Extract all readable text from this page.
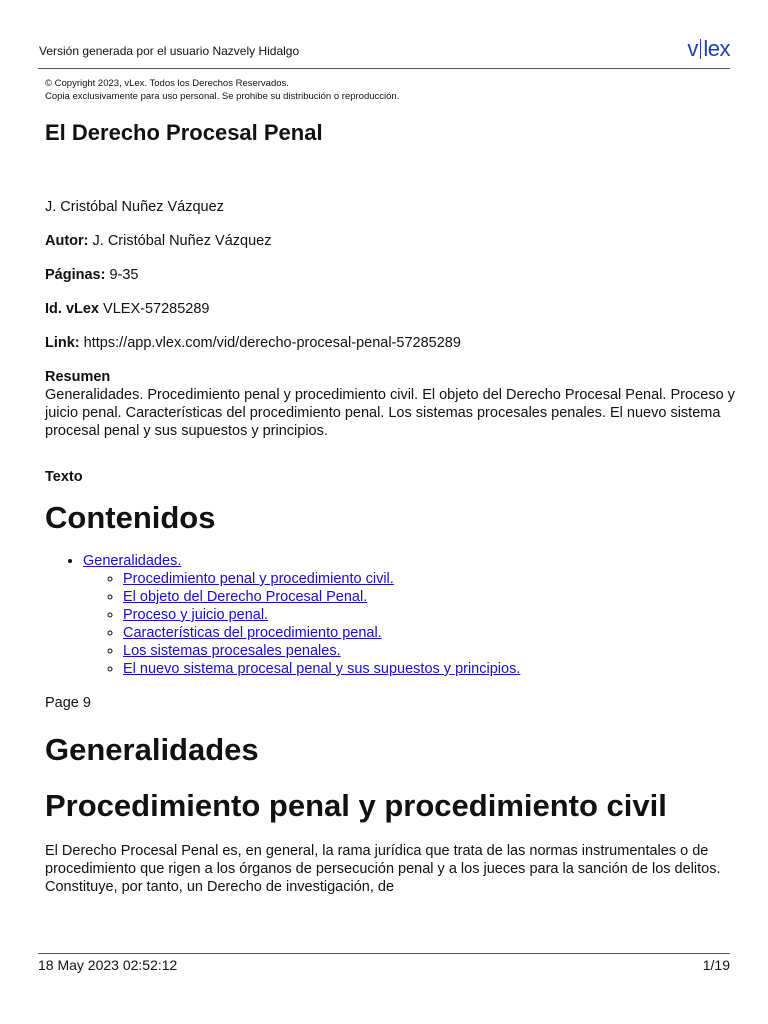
Versión generada por el usuario Nazvely Hidalgo	v lex
© Copyright 2023, vLex. Todos los Derechos Reservados.
Copia exclusivamente para uso personal. Se prohibe su distribución o reproducción.
El Derecho Procesal Penal

J. Cristóbal Nuñez Vázquez

Autor: J. Cristóbal Nuñez Vázquez

Páginas: 9-35

Id. vLex VLEX-57285289

Link: https://app.vlex.com/vid/derecho-procesal-penal-57285289

Resumen

Generalidades. Procedimiento penal y procedimiento civil. El objeto del Derecho Procesal Penal. Proceso y juicio penal. Características del procedimiento penal. Los sistemas procesales penales. El nuevo sistema procesal penal y sus supuestos y principios.

Texto

Contenidos
• Generalidades.
◦ Procedimiento penal y procedimiento civil.
◦ El objeto del Derecho Procesal Penal.
◦ Proceso y juicio penal.
◦ Características del procedimiento penal.
◦ Los sistemas procesales penales.
◦ El nuevo sistema procesal penal y sus supuestos y principios.

Page 9

Generalidades
Procedimiento penal y procedimiento civil

El Derecho Procesal Penal es, en general, la rama jurídica que trata de las normas instrumentales o de procedimiento que rigen a los órganos de persecución penal y a los jueces para la sanción de los delitos. Constituye, por tanto, un Derecho de investigación, de

18 May 2023 02:52:12	1/19
